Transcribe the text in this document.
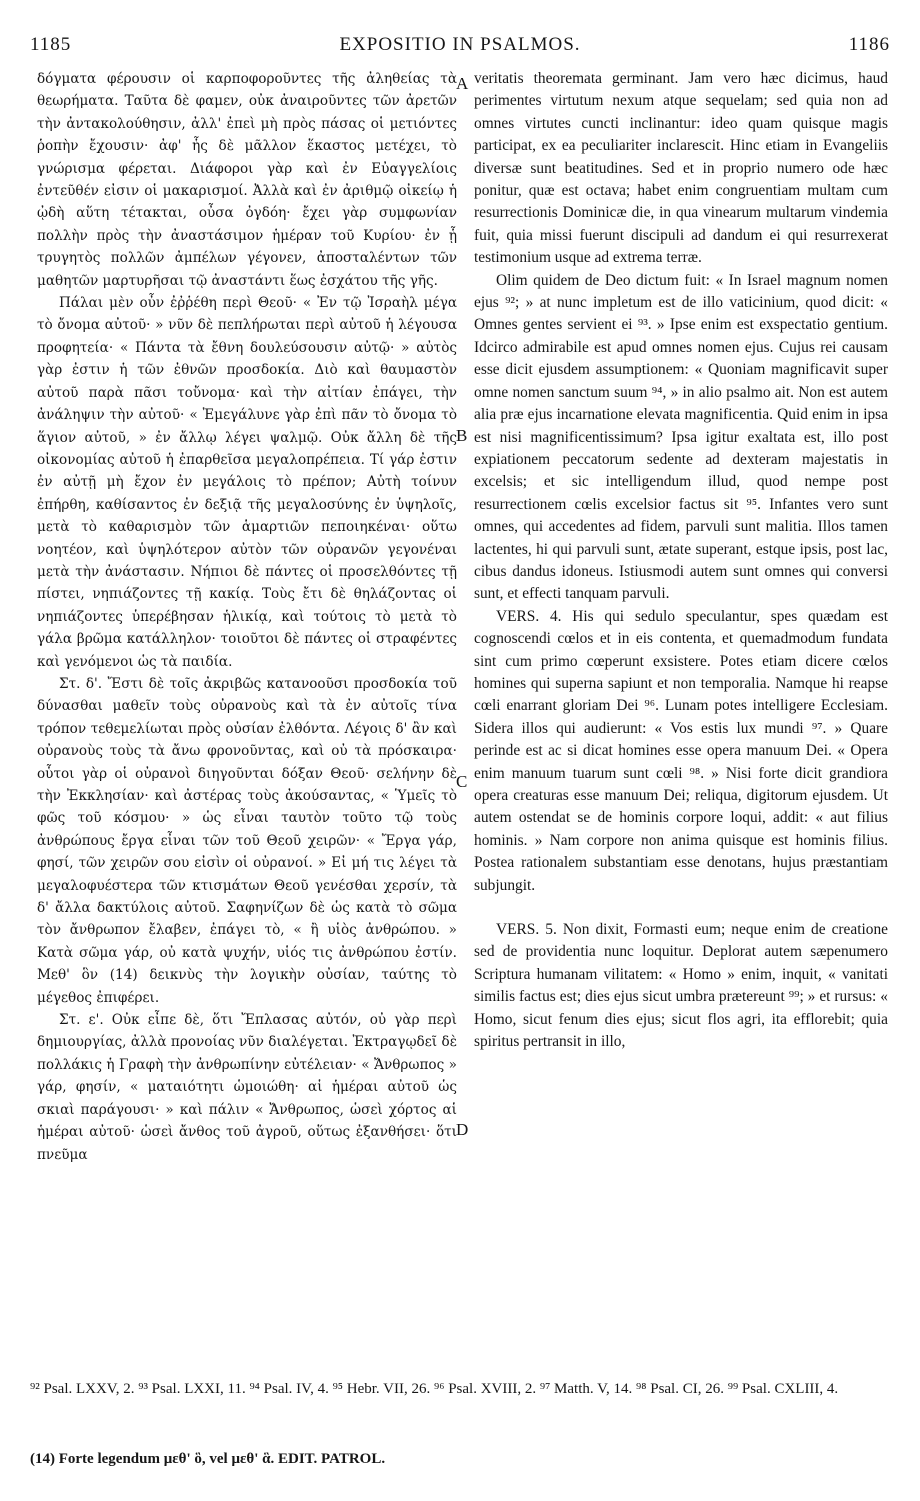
1185	EXPOSITIO IN PSALMOS.	1186

δόγματα φέρουσιν οἱ καρποφοροῦντες τῆς ἀληθείας τὰ θεωρήματα. Ταῦτα δὲ φαμεν, οὐκ ἀναιροῦντες τῶν ἀρετῶν τὴν ἀντακολούθησιν, ἀλλ' ἐπεὶ μὴ πρὸς πάσας οἱ μετιόντες ῥοπὴν ἔχουσιν· ἀφ' ἧς δὲ μᾶλλον ἕκαστος μετέχει, τὸ γνώρισμα φέρεται. Διάφοροι γὰρ καὶ ἐν Εὐαγγελίοις ἐντεῦθέν εἰσιν οἱ μακαρισμοί. Ἀλλὰ καὶ ἐν ἀριθμῷ οἰκείῳ ἡ ᾠδὴ αὕτη τέτακται, οὖσα ὀγδόη· ἔχει γὰρ συμφωνίαν πολλὴν πρὸς τὴν ἀναστάσιμον ἡμέραν τοῦ Κυρίου· ἐν ᾗ τρυγητὸς πολλῶν ἀμπέλων γέγονεν, ἀποσταλέντων τῶν μαθητῶν μαρτυρῆσαι τῷ ἀναστάντι ἕως ἐσχάτου τῆς γῆς.

Πάλαι μὲν οὖν ἐῤῥέθη περὶ Θεοῦ· « Ἐν τῷ Ἰσραὴλ μέγα τὸ ὄνομα αὐτοῦ· » νῦν δὲ πεπλήρωται περὶ αὐτοῦ ἡ λέγουσα προφητεία· « Πάντα τὰ ἔθνη δουλεύσουσιν αὐτῷ· » αὐτὸς γὰρ ἐστιν ἡ τῶν ἐθνῶν προσδοκία. Διὸ καὶ θαυμαστὸν αὐτοῦ παρὰ πᾶσι τοὔνομα· καὶ τὴν αἰτίαν ἐπάγει, τὴν ἀνάληψιν τὴν αὐτοῦ· « Ἐμεγάλυνε γὰρ ἐπὶ πᾶν τὸ ὄνομα τὸ ἅγιον αὐτοῦ, » ἐν ἄλλῳ λέγει ψαλμῷ. Οὐκ ἄλλη δὲ τῆς οἰκονομίας αὐτοῦ ἡ ἐπαρθεῖσα μεγαλοπρέπεια. Τί γάρ ἐστιν ἐν αὐτῇ μὴ ἔχον ἐν μεγάλοις τὸ πρέπον; Αὐτὴ τοίνυν ἐπήρθη, καθίσαντος ἐν δεξιᾷ τῆς μεγαλοσύνης ἐν ὑψηλοῖς, μετὰ τὸ καθαρισμὸν τῶν ἁμαρτιῶν πεποιηκέναι· οὕτω νοητέον, καὶ ὑψηλότερον αὐτὸν τῶν οὐρανῶν γεγονέναι μετὰ τὴν ἀνάστασιν. Νήπιοι δὲ πάντες οἱ προσελθόντες τῇ πίστει, νηπιάζοντες τῇ κακίᾳ. Τοὺς ἔτι δὲ θηλάζοντας οἱ νηπιάζοντες ὑπερέβησαν ἡλικίᾳ, καὶ τούτοις τὸ μετὰ τὸ γάλα βρῶμα κατάλληλον· τοιοῦτοι δὲ πάντες οἱ στραφέντες καὶ γενόμενοι ὡς τὰ παιδία.

Στ. δ'. Ἔστι δὲ τοῖς ἀκριβῶς κατανοοῦσι προσδοκία τοῦ δύνασθαι μαθεῖν τοὺς οὐρανοὺς καὶ τὰ ἐν αὐτοῖς τίνα τρόπον τεθεμελίωται πρὸς οὐσίαν ἐλθόντα. Λέγοις δ' ἂν καὶ οὐρανοὺς τοὺς τὰ ἄνω φρονοῦντας, καὶ οὐ τὰ πρόσκαιρα· οὗτοι γὰρ οἱ οὐρανοὶ διηγοῦνται δόξαν Θεοῦ· σελήνην δὲ τὴν Ἐκκλησίαν· καὶ ἀστέρας τοὺς ἀκούσαντας, « Ὑμεῖς τὸ φῶς τοῦ κόσμου· » ὡς εἶναι ταυτὸν τοῦτο τῷ τοὺς ἀνθρώπους ἔργα εἶναι τῶν τοῦ Θεοῦ χειρῶν· « Ἔργα γάρ, φησί, τῶν χειρῶν σου εἰσὶν οἱ οὐρανοί. » Εἰ μή τις λέγει τὰ μεγαλοφυέστερα τῶν κτισμάτων Θεοῦ γενέσθαι χερσίν, τὰ δ' ἄλλα δακτύλοις αὐτοῦ. Σαφηνίζων δὲ ὡς κατὰ τὸ σῶμα τὸν ἄνθρωπον ἔλαβεν, ἐπάγει τὸ, « ἢ υἱὸς ἀνθρώπου. » Κατὰ σῶμα γάρ, οὐ κατὰ ψυχήν, υἱός τις ἀνθρώπου ἐστίν. Μεθ' ὃν (14) δεικνὺς τὴν λογικὴν οὐσίαν, ταύτης τὸ μέγεθος ἐπιφέρει.

Στ. ε'. Οὐκ εἶπε δὲ, ὅτι Ἔπλασας αὐτόν, οὐ γὰρ περὶ δημιουργίας, ἀλλὰ προνοίας νῦν διαλέγεται. Ἐκτραγῳδεῖ δὲ πολλάκις ἡ Γραφὴ τὴν ἀνθρωπίνην εὐτέλειαν· « Ἄνθρωπος » γάρ, φησίν, « ματαιότητι ὡμοιώθη· αἱ ἡμέραι αὐτοῦ ὡς σκιαὶ παράγουσι· » καὶ πάλιν « Ἄνθρωπος, ὡσεὶ χόρτος αἱ ἡμέραι αὐτοῦ· ὡσεὶ ἄνθος τοῦ ἀγροῦ, οὕτως ἐξανθήσει· ὅτι πνεῦμα

A
B
C
D

veritatis theoremata germinant. Jam vero hæc dicimus, haud perimentes virtutum nexum atque sequelam; sed quia non ad omnes virtutes cuncti inclinantur: ideo quam quisque magis participat, ex ea peculiariter inclarescit. Hinc etiam in Evangeliis diversæ sunt beatitudines. Sed et in proprio numero ode hæc ponitur, quæ est octava; habet enim congruentiam multam cum resurrectionis Dominicæ die, in qua vinearum multarum vindemia fuit, quia missi fuerunt discipuli ad dandum ei qui resurrexerat testimonium usque ad extrema terræ.

Olim quidem de Deo dictum fuit: « In Israel magnum nomen ejus ⁹²; » at nunc impletum est de illo vaticinium, quod dicit: « Omnes gentes servient ei ⁹³. » Ipse enim est exspectatio gentium. Idcirco admirabile est apud omnes nomen ejus. Cujus rei causam esse dicit ejusdem assumptionem: « Quoniam magnificavit super omne nomen sanctum suum ⁹⁴, » in alio psalmo ait. Non est autem alia præ ejus incarnatione elevata magnificentia. Quid enim in ipsa est nisi magnificentissimum? Ipsa igitur exaltata est, illo post expiationem peccatorum sedente ad dexteram majestatis in excelsis; et sic intelligendum illud, quod nempe post resurrectionem cœlis excelsior factus sit ⁹⁵. Infantes vero sunt omnes, qui accedentes ad fidem, parvuli sunt malitia. Illos tamen lactentes, hi qui parvuli sunt, ætate superant, estque ipsis, post lac, cibus dandus idoneus. Istiusmodi autem sunt omnes qui conversi sunt, et effecti tanquam parvuli.

VERS. 4. His qui sedulo speculantur, spes quædam est cognoscendi cœlos et in eis contenta, et quemadmodum fundata sint cum primo cœperunt exsistere. Potes etiam dicere cœlos homines qui superna sapiunt et non temporalia. Namque hi reapse cœli enarrant gloriam Dei ⁹⁶. Lunam potes intelligere Ecclesiam. Sidera illos qui audierunt: « Vos estis lux mundi ⁹⁷. » Quare perinde est ac si dicat homines esse opera manuum Dei. « Opera enim manuum tuarum sunt cœli ⁹⁸. » Nisi forte dicit grandiora opera creaturas esse manuum Dei; reliqua, digitorum ejusdem. Ut autem ostendat se de hominis corpore loqui, addit: « aut filius hominis. » Nam corpore non anima quisque est hominis filius. Postea rationalem substantiam esse denotans, hujus præstantiam subjungit.

VERS. 5. Non dixit, Formasti eum; neque enim de creatione sed de providentia nunc loquitur. Deplorat autem sæpenumero Scriptura humanam vilitatem: « Homo » enim, inquit, « vanitati similis factus est; dies ejus sicut umbra prætereunt ⁹⁹; » et rursus: « Homo, sicut fenum dies ejus; sicut flos agri, ita efflorebit; quia spiritus pertransit in illo,

⁹² Psal. LXXV, 2. ⁹³ Psal. LXXI, 11. ⁹⁴ Psal. IV, 4. ⁹⁵ Hebr. VII, 26. ⁹⁶ Psal. XVIII, 2. ⁹⁷ Matth. V, 14. ⁹⁸ Psal. CI, 26. ⁹⁹ Psal. CXLIII, 4.
(14) Forte legendum μεθ' ὃ, vel μεθ' ἃ. EDIT. PATROL.
